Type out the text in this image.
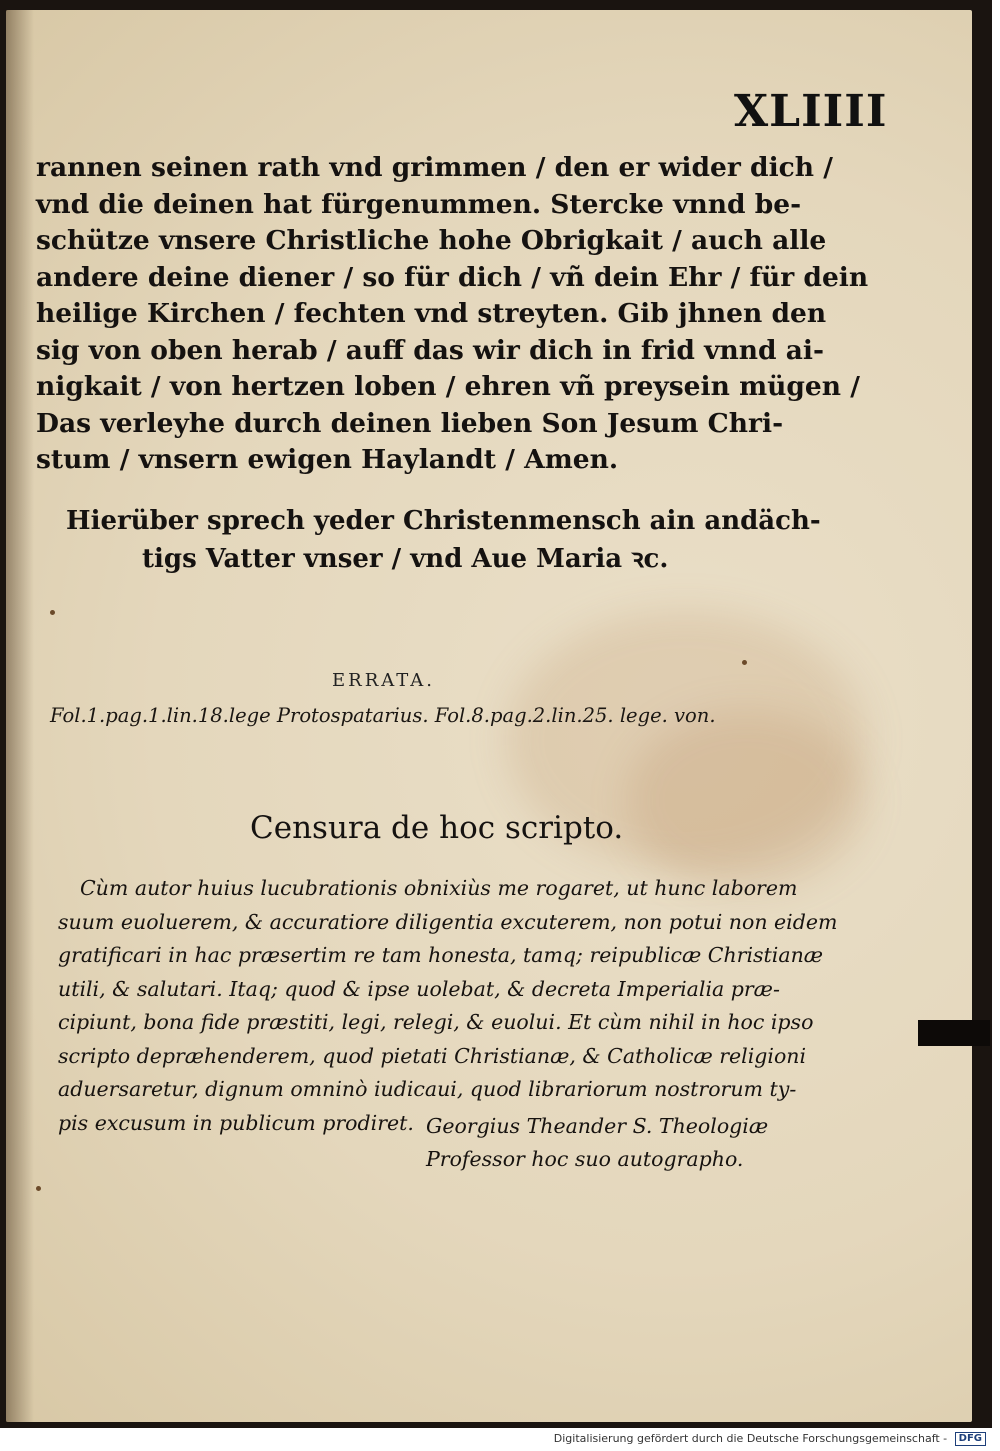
XLIIII
rannen seinen rath vnd grimmen / den er wider dich /
vnd die deinen hat fürgenummen. Stercke vnnd be-
schütze vnsere Christliche hohe Obrigkait / auch alle
andere deine diener / so für dich / vñ dein Ehr / für dein
heilige Kirchen / fechten vnd streyten. Gib jhnen den
sig von oben herab / auff das wir dich in frid vnnd ai-
nigkait / von hertzen loben / ehren vñ preysein mügen /
Das verleyhe durch deinen lieben Son Jesum Chri-
stum / vnsern ewigen Haylandt / Amen.
Hierüber sprech yeder Christenmensch ain andäch-
tigs Vatter vnser / vnd Aue Maria ꝛc.
ERRATA.
Fol.1.pag.1.lin.18.lege Protospatarius. Fol.8.pag.2.lin.25. lege. von.
Censura de hoc scripto.
Cùm autor huius lucubrationis obnixiùs me rogaret, ut hunc laborem
suum euoluerem, & accuratiore diligentia excuterem, non potui non eidem
gratificari in hac præsertim re tam honesta, tamq; reipublicæ Christianæ
utili, & salutari. Itaq; quod & ipse uolebat, & decreta Imperialia præ-
cipiunt, bona fide præstiti, legi, relegi, & euolui. Et cùm nihil in hoc ipso
scripto depræhenderem, quod pietati Christianæ, & Catholicæ religioni
aduersaretur, dignum omninò iudicaui, quod librariorum nostrorum ty-
pis excusum in publicum prodiret. Georgius Theander S. Theologiæ
Professor hoc suo autographo.
Digitalisierung gefördert durch die Deutsche Forschungsgemeinschaft - DFG
